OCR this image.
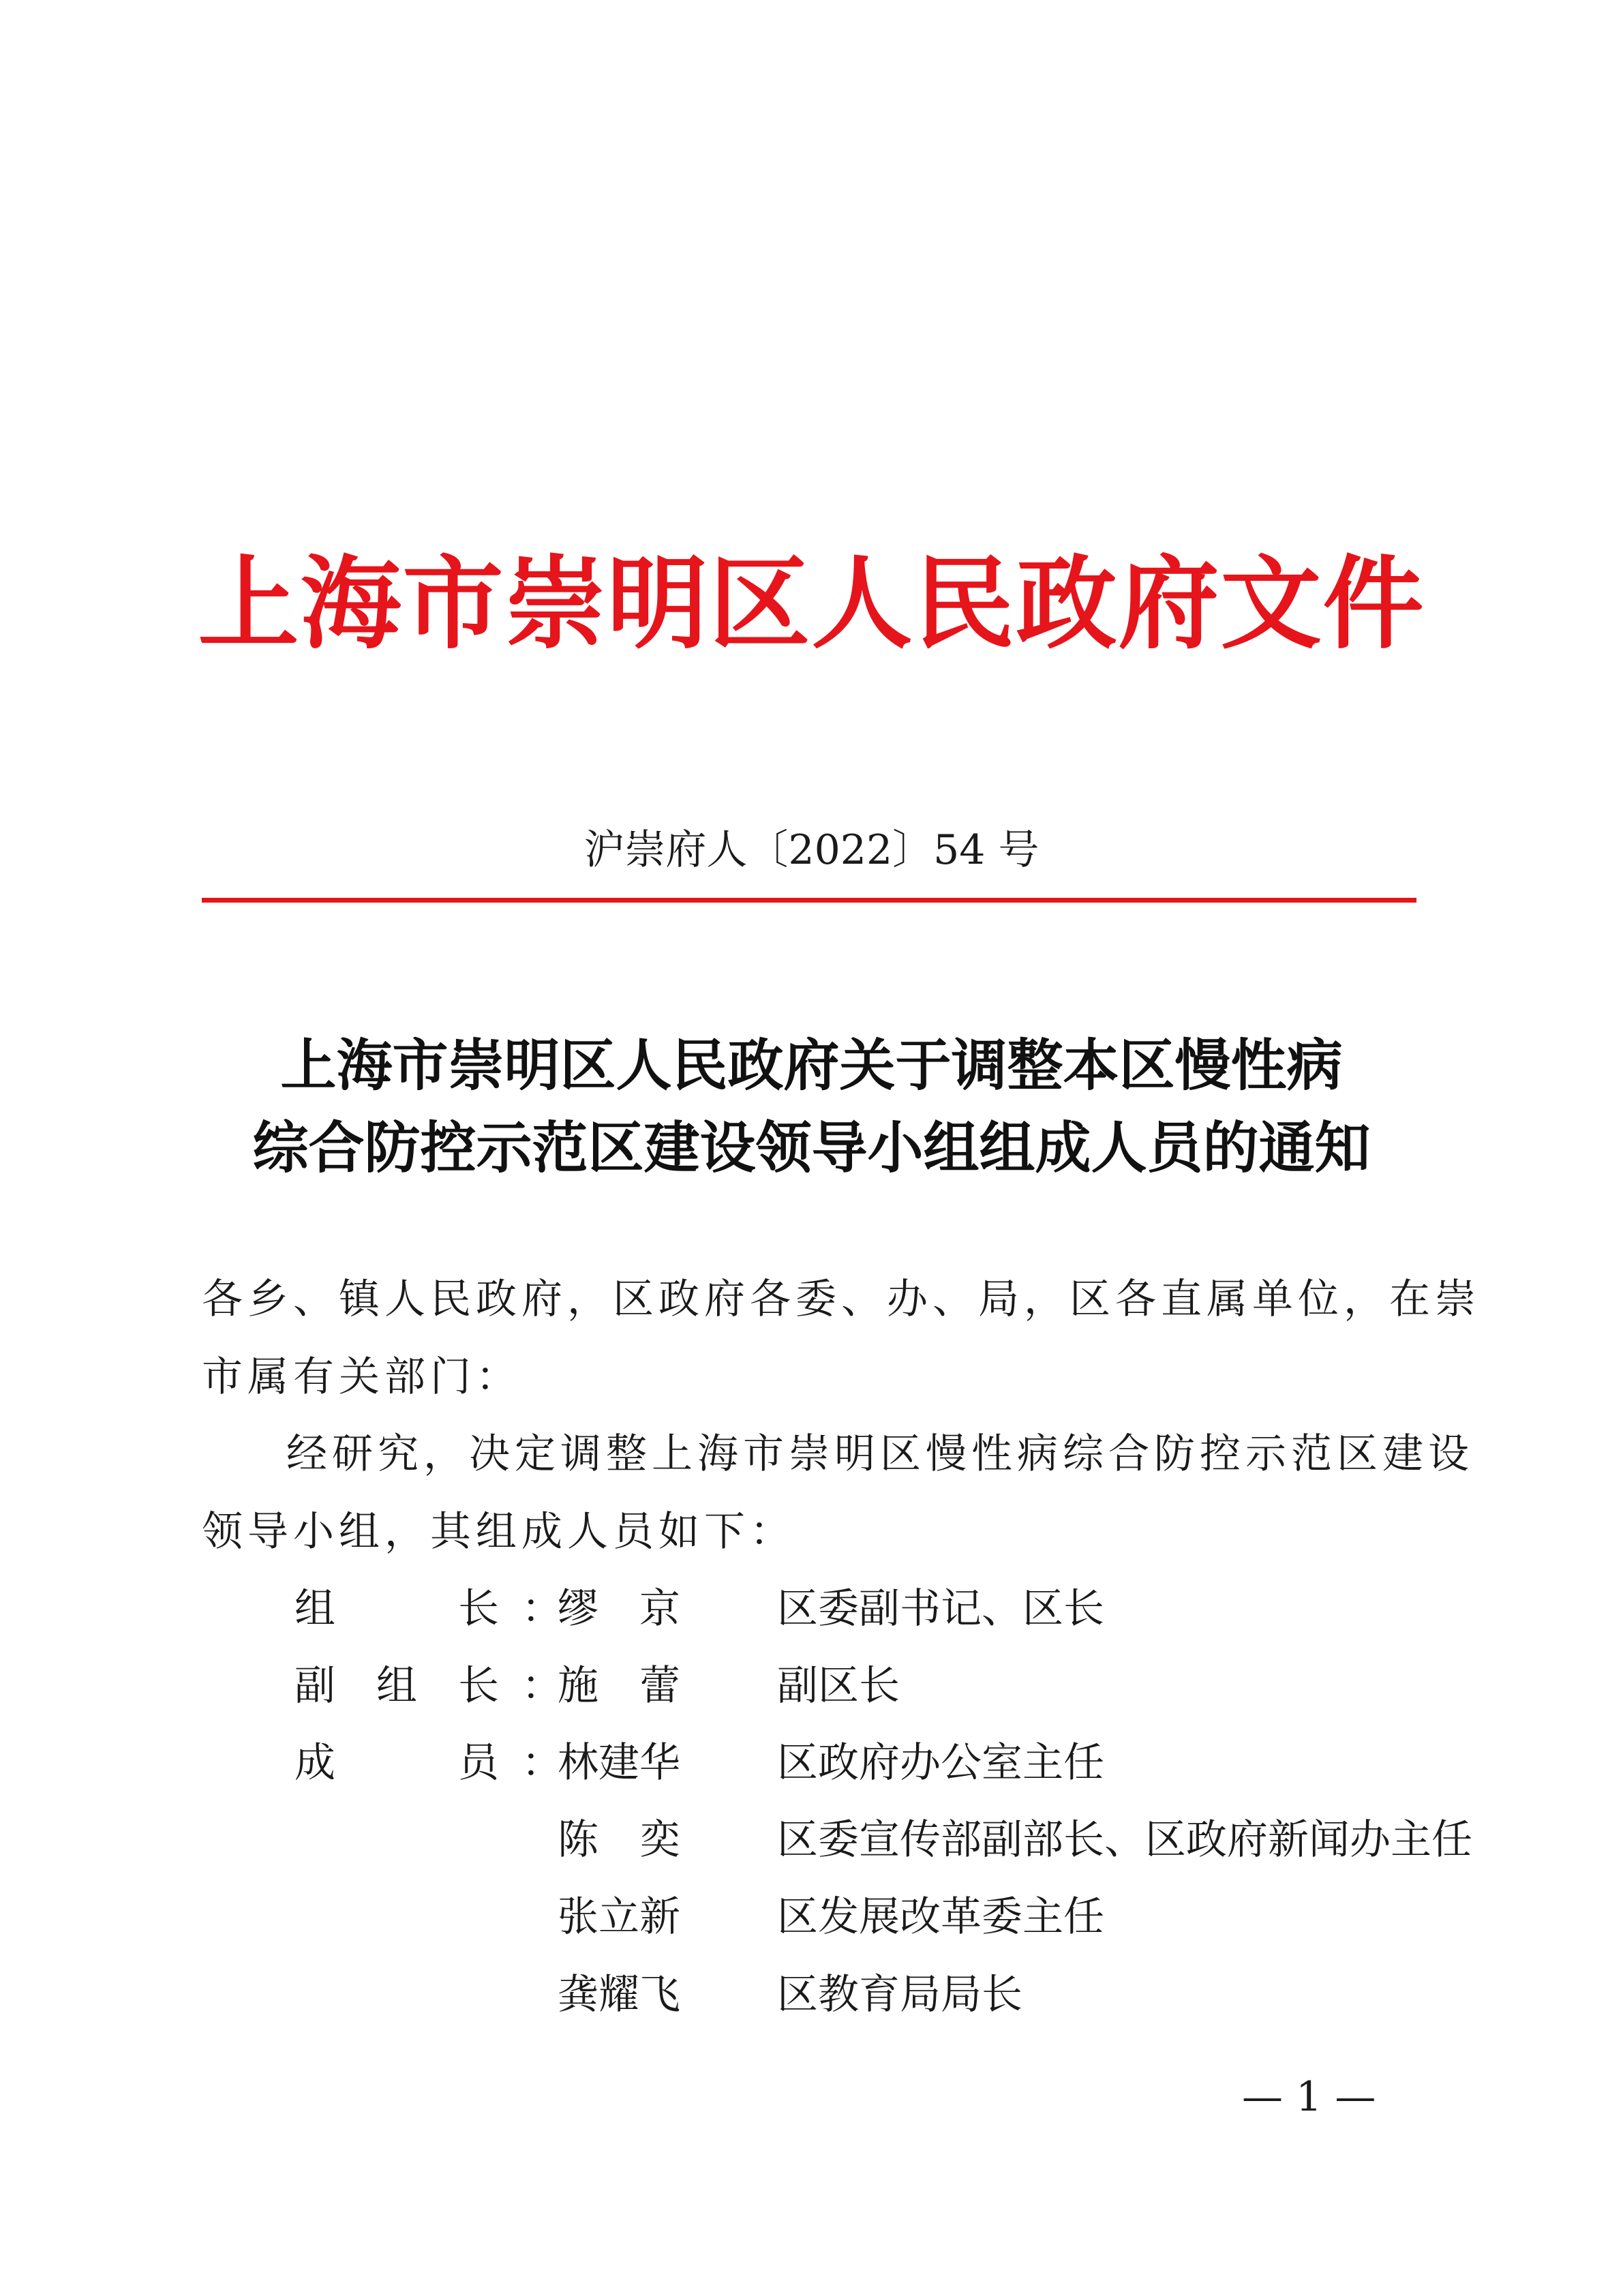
上海市崇明区人民政府文件
沪崇府人〔2022〕54 号
上海市崇明区人民政府关于调整本区慢性病
综合防控示范区建设领导小组组成人员的通知
各乡、镇人民政府，区政府各委、办、局，区各直属单位，在崇
市属有关部门：
经研究，决定调整上海市崇明区慢性病综合防控示范区建设
领导小组，其组成人员如下：
组　　　长 ：
缪　京 区委副书记、区长
副　组　长 ：
施　蕾 副区长
成　　　员 ：
林建华 区政府办公室主任
陈　奕 区委宣传部副部长、区政府新闻办主任
张立新 区发展改革委主任
龚耀飞 区教育局局长
— 1 —
